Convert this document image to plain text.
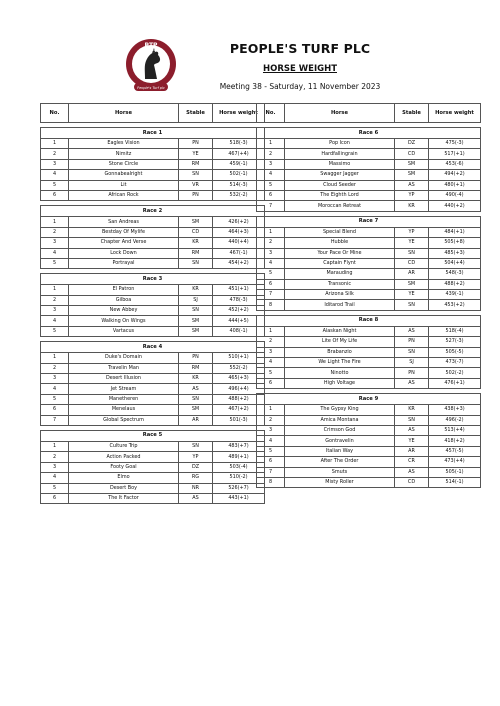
PTP
People's Turf plc
EST. 2000	PEOPLE'S TURF PLC
HORSE WEIGHT
Meeting 38 - Saturday, 11 November 2023
No.	Horse	Stable	Horse weight

Race 1			
1	Eagles Vision	PN	518(-3)
2	Nimitz	YE	467(+4)
3	Stone Circle	RM	459(-1)
4	Gonnabealright	SN	502(-1)
5	Lit	VR	514(-3)
6	African Rock	PN	532(-2)

Race 2			
1	San Andreas	SM	426(+2)
2	Bestday Of Mylife	CD	464(+3)
3	Chapter And Verse	KR	440(+4)
4	Lock Down	RM	467(-1)
5	Portrayal	SN	454(+2)

Race 3			
1	El Patron	KR	451(+1)
2	Gilboa	SJ	478(-3)
3	New Abbey	SN	452(+2)
4	Walking On Wings	SM	444(+5)
5	Vartacus	SM	408(-1)

Race 4			
1	Duke's Domain	PN	510(+1)
2	Travelin Man	RM	552(-2)
3	Desert Illusion	KR	465(+3)
4	Jet Stream	AS	496(+4)
5	Manetheren	SN	488(+2)
6	Menelaus	SM	467(+2)
7	Global Spectrum	AR	501(-3)

Race 5			
1	Culture Trip	SN	483(+7)
2	Action Packed	YP	489(+1)
3	Footy Goal	DZ	503(-4)
4	Elmo	RG	510(-2)
5	Desert Boy	NR	526(+7)
6	The It Factor	AS	443(+1)
No.	Horse	Stable	Horse weight

Race 6			
1	Pop Icon	DZ	475(-3)
2	Hardfallingrain	CD	517(+1)
3	Massimo	SM	453(-6)
4	Swagger Jagger	SM	494(+2)
5	Cloud Seeder	AS	480(+1)
6	The Eighth Lord	YP	490(-4)
7	Moroccan Retreat	KR	440(+2)

Race 7			
1	Special Blend	YP	484(+1)
2	Hubble	YE	505(+8)
3	Your Pace Or Mine	SN	485(+3)
4	Captain Flynt	CD	504(+4)
5	Marauding	AR	548(-3)
6	Transonic	SM	488(+2)
7	Arizona Silk	YE	439(-1)
8	Iditarod Trail	SN	453(+2)

Race 8			
1	Alaskan Night	AS	518(-4)
2	Lite Of My Life	PN	527(-3)
3	Brabanzio	SN	505(-5)
4	We Light The Fire	SJ	473(-7)
5	Ninotto	PN	502(-2)
6	High Voltage	AS	476(+1)

Race 9			
1	The Gypsy King	KR	438(+3)
2	Amica Montana	SN	496(-2)
3	Crimson God	AS	513(+4)
4	Gontravelin	YE	418(+2)
5	Italian Way	AR	457(-5)
6	After The Order	CR	473(+4)
7	Smuts	AS	505(-1)
8	Misty Roller	CD	514(-1)
